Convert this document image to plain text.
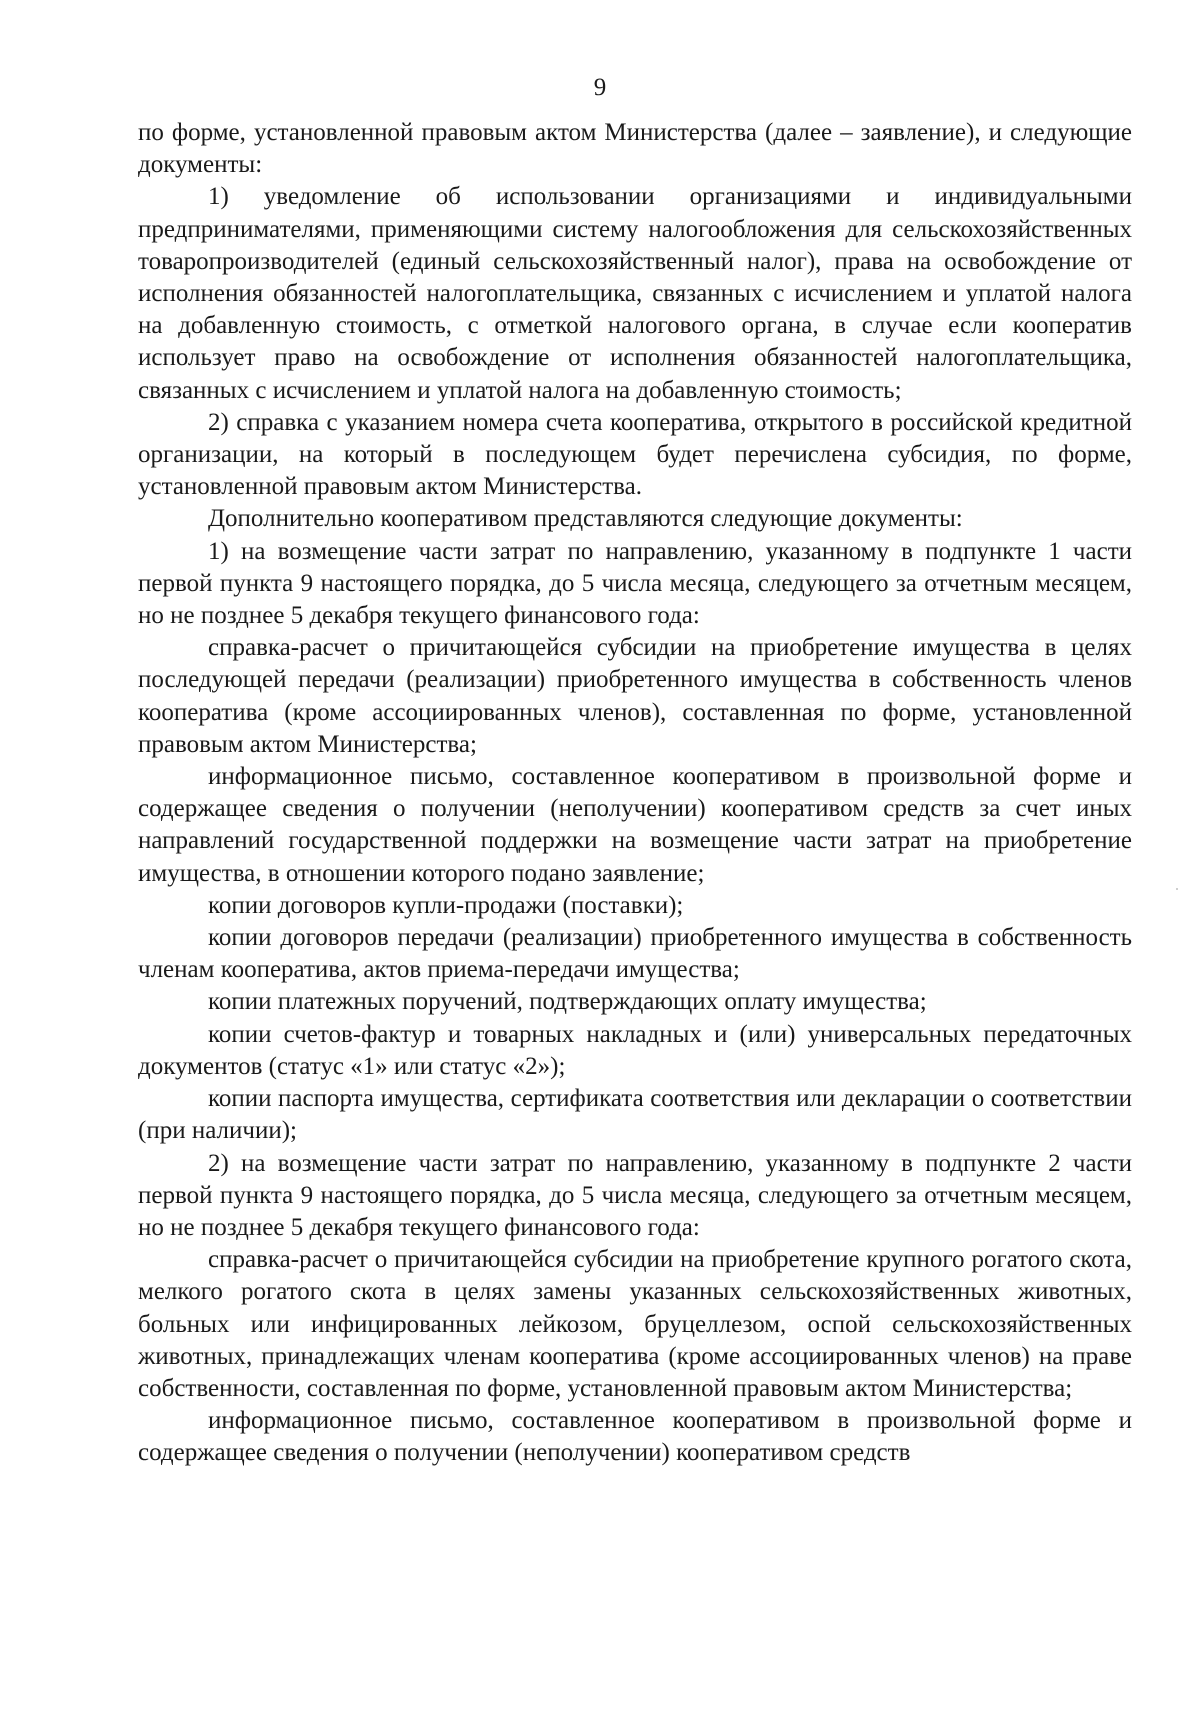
9

по форме, установленной правовым актом Министерства (далее – заявление), и следующие документы:

1) уведомление об использовании организациями и индивидуальными предпринимателями, применяющими систему налогообложения для сельскохозяйственных товаропроизводителей (единый сельскохозяйственный налог), права на освобождение от исполнения обязанностей налогоплательщика, связанных с исчислением и уплатой налога на добавленную стоимость, с отметкой налогового органа, в случае если кооператив использует право на освобождение от исполнения обязанностей налогоплательщика, связанных с исчислением и уплатой налога на добавленную стоимость;

2) справка с указанием номера счета кооператива, открытого в российской кредитной организации, на который в последующем будет перечислена субсидия, по форме, установленной правовым актом Министерства.

Дополнительно кооперативом представляются следующие документы:

1) на возмещение части затрат по направлению, указанному в подпункте 1 части первой пункта 9 настоящего порядка, до 5 числа месяца, следующего за отчетным месяцем, но не позднее 5 декабря текущего финансового года:

справка-расчет о причитающейся субсидии на приобретение имущества в целях последующей передачи (реализации) приобретенного имущества в собственность членов кооператива (кроме ассоциированных членов), составленная по форме, установленной правовым актом Министерства;

информационное письмо, составленное кооперативом в произвольной форме и содержащее сведения о получении (неполучении) кооперативом средств за счет иных направлений государственной поддержки на возмещение части затрат на приобретение имущества, в отношении которого подано заявление;

копии договоров купли-продажи (поставки);

копии договоров передачи (реализации) приобретенного имущества в собственность членам кооператива, актов приема-передачи имущества;

копии платежных поручений, подтверждающих оплату имущества;

копии счетов-фактур и товарных накладных и (или) универсальных передаточных документов (статус «1» или статус «2»);

копии паспорта имущества, сертификата соответствия или декларации о соответствии (при наличии);

2) на возмещение части затрат по направлению, указанному в подпункте 2 части первой пункта 9 настоящего порядка, до 5 числа месяца, следующего за отчетным месяцем, но не позднее 5 декабря текущего финансового года:

справка-расчет о причитающейся субсидии на приобретение крупного рогатого скота, мелкого рогатого скота в целях замены указанных сельскохозяйственных животных, больных или инфицированных лейкозом, бруцеллезом, оспой сельскохозяйственных животных, принадлежащих членам кооператива (кроме ассоциированных членов) на праве собственности, составленная по форме, установленной правовым актом Министерства;

информационное письмо, составленное кооперативом в произвольной форме и содержащее сведения о получении (неполучении) кооперативом средств
